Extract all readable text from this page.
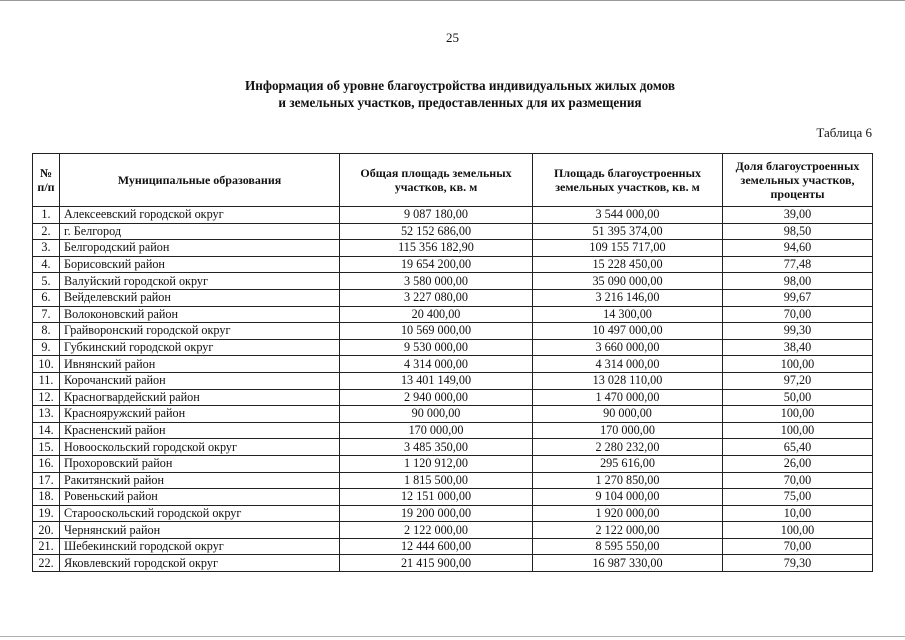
25
Информация об уровне благоустройства индивидуальных жилых домов
и земельных участков, предоставленных для их размещения
Таблица 6
№ п/п	Муниципальные образования	Общая площадь земельных участков, кв. м	Площадь благоустроенных земельных участков, кв. м	Доля благоустроенных земельных участков, проценты
1.	Алексеевский городской округ	9 087 180,00	3 544 000,00	39,00
2.	г. Белгород	52 152 686,00	51 395 374,00	98,50
3.	Белгородский район	115 356 182,90	109 155 717,00	94,60
4.	Борисовский район	19 654 200,00	15 228 450,00	77,48
5.	Валуйский городской округ	3 580 000,00	35 090 000,00	98,00
6.	Вейделевский район	3 227 080,00	3 216 146,00	99,67
7.	Волоконовский район	20 400,00	14 300,00	70,00
8.	Грайворонский городской округ	10 569 000,00	10 497 000,00	99,30
9.	Губкинский городской округ	9 530 000,00	3 660 000,00	38,40
10.	Ивнянский район	4 314 000,00	4 314 000,00	100,00
11.	Корочанский район	13 401 149,00	13 028 110,00	97,20
12.	Красногвардейский район	2 940 000,00	1 470 000,00	50,00
13.	Краснояружский район	90 000,00	90 000,00	100,00
14.	Красненский район	170 000,00	170 000,00	100,00
15.	Новооскольский городской округ	3 485 350,00	2 280 232,00	65,40
16.	Прохоровский район	1 120 912,00	295 616,00	26,00
17.	Ракитянский район	1 815 500,00	1 270 850,00	70,00
18.	Ровеньский район	12 151 000,00	9 104 000,00	75,00
19.	Старооскольский городской округ	19 200 000,00	1 920 000,00	10,00
20.	Чернянский район	2 122 000,00	2 122 000,00	100,00
21.	Шебекинский городской округ	12 444 600,00	8 595 550,00	70,00
22.	Яковлевский городской округ	21 415 900,00	16 987 330,00	79,30
